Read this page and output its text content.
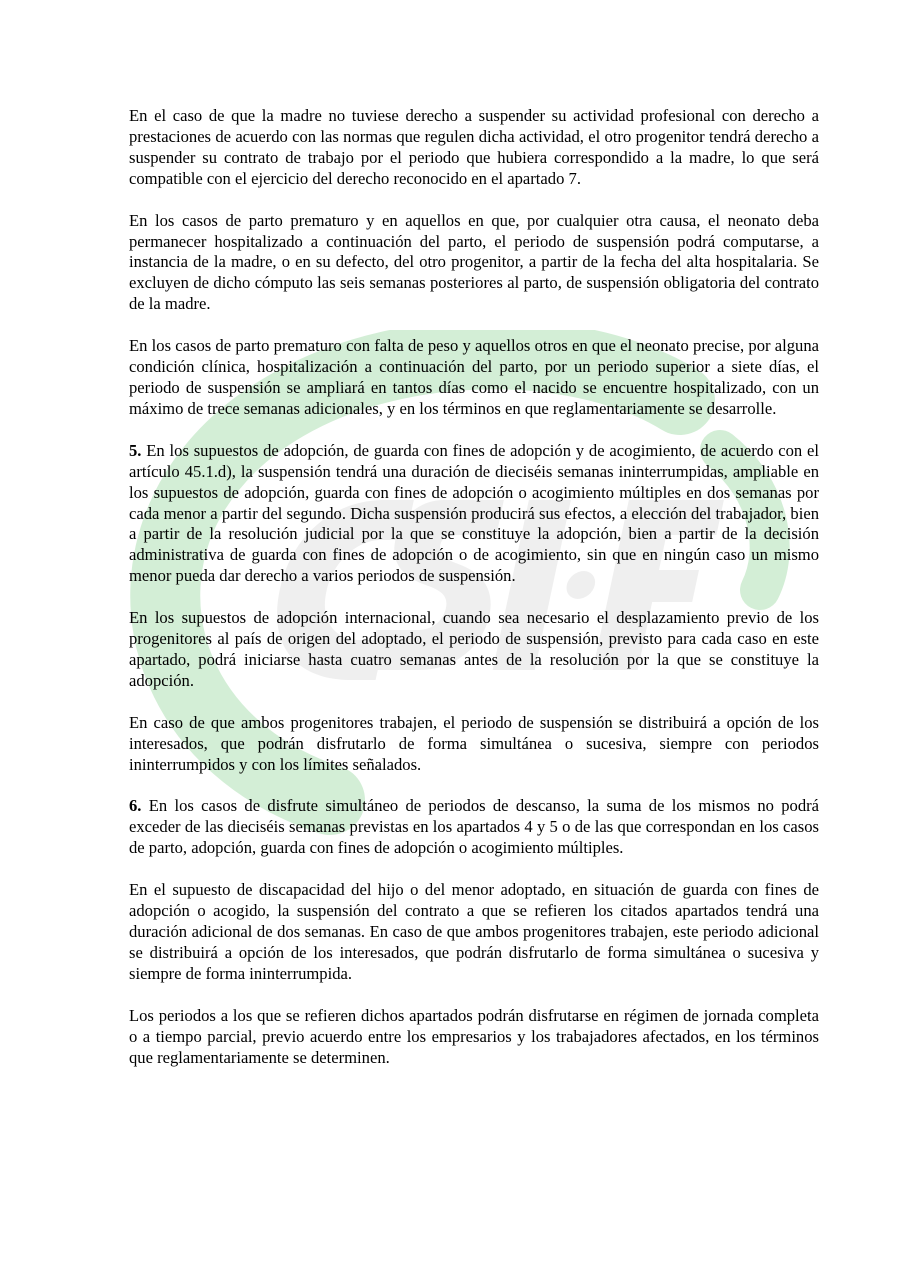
En el caso de que la madre no tuviese derecho a suspender su actividad profesional con derecho a prestaciones de acuerdo con las normas que regulen dicha actividad, el otro progenitor tendrá derecho a suspender su contrato de trabajo por el periodo que hubiera correspondido a la madre, lo que será compatible con el ejercicio del derecho reconocido en el apartado 7.

En los casos de parto prematuro y en aquellos en que, por cualquier otra causa, el neonato deba permanecer hospitalizado a continuación del parto, el periodo de suspensión podrá computarse, a instancia de la madre, o en su defecto, del otro progenitor, a partir de la fecha del alta hospitalaria. Se excluyen de dicho cómputo las seis semanas posteriores al parto, de suspensión obligatoria del contrato de la madre.

En los casos de parto prematuro con falta de peso y aquellos otros en que el neonato precise, por alguna condición clínica, hospitalización a continuación del parto, por un periodo superior a siete días, el periodo de suspensión se ampliará en tantos días como el nacido se encuentre hospitalizado, con un máximo de trece semanas adicionales, y en los términos en que reglamentariamente se desarrolle.

5. En los supuestos de adopción, de guarda con fines de adopción y de acogimiento, de acuerdo con el artículo 45.1.d), la suspensión tendrá una duración de dieciséis semanas ininterrumpidas, ampliable en los supuestos de adopción, guarda con fines de adopción o acogimiento múltiples en dos semanas por cada menor a partir del segundo. Dicha suspensión producirá sus efectos, a elección del trabajador, bien a partir de la resolución judicial por la que se constituye la adopción, bien a partir de la decisión administrativa de guarda con fines de adopción o de acogimiento, sin que en ningún caso un mismo menor pueda dar derecho a varios periodos de suspensión.

En los supuestos de adopción internacional, cuando sea necesario el desplazamiento previo de los progenitores al país de origen del adoptado, el periodo de suspensión, previsto para cada caso en este apartado, podrá iniciarse hasta cuatro semanas antes de la resolución por la que se constituye la adopción.

En caso de que ambos progenitores trabajen, el periodo de suspensión se distribuirá a opción de los interesados, que podrán disfrutarlo de forma simultánea o sucesiva, siempre con periodos ininterrumpidos y con los límites señalados.

6. En los casos de disfrute simultáneo de periodos de descanso, la suma de los mismos no podrá exceder de las dieciséis semanas previstas en los apartados 4 y 5 o de las que correspondan en los casos de parto, adopción, guarda con fines de adopción o acogimiento múltiples.

En el supuesto de discapacidad del hijo o del menor adoptado, en situación de guarda con fines de adopción o acogido, la suspensión del contrato a que se refieren los citados apartados tendrá una duración adicional de dos semanas. En caso de que ambos progenitores trabajen, este periodo adicional se distribuirá a opción de los interesados, que podrán disfrutarlo de forma simultánea o sucesiva y siempre de forma ininterrumpida.

Los periodos a los que se refieren dichos apartados podrán disfrutarse en régimen de jornada completa o a tiempo parcial, previo acuerdo entre los empresarios y los trabajadores afectados, en los términos que reglamentariamente se determinen.
